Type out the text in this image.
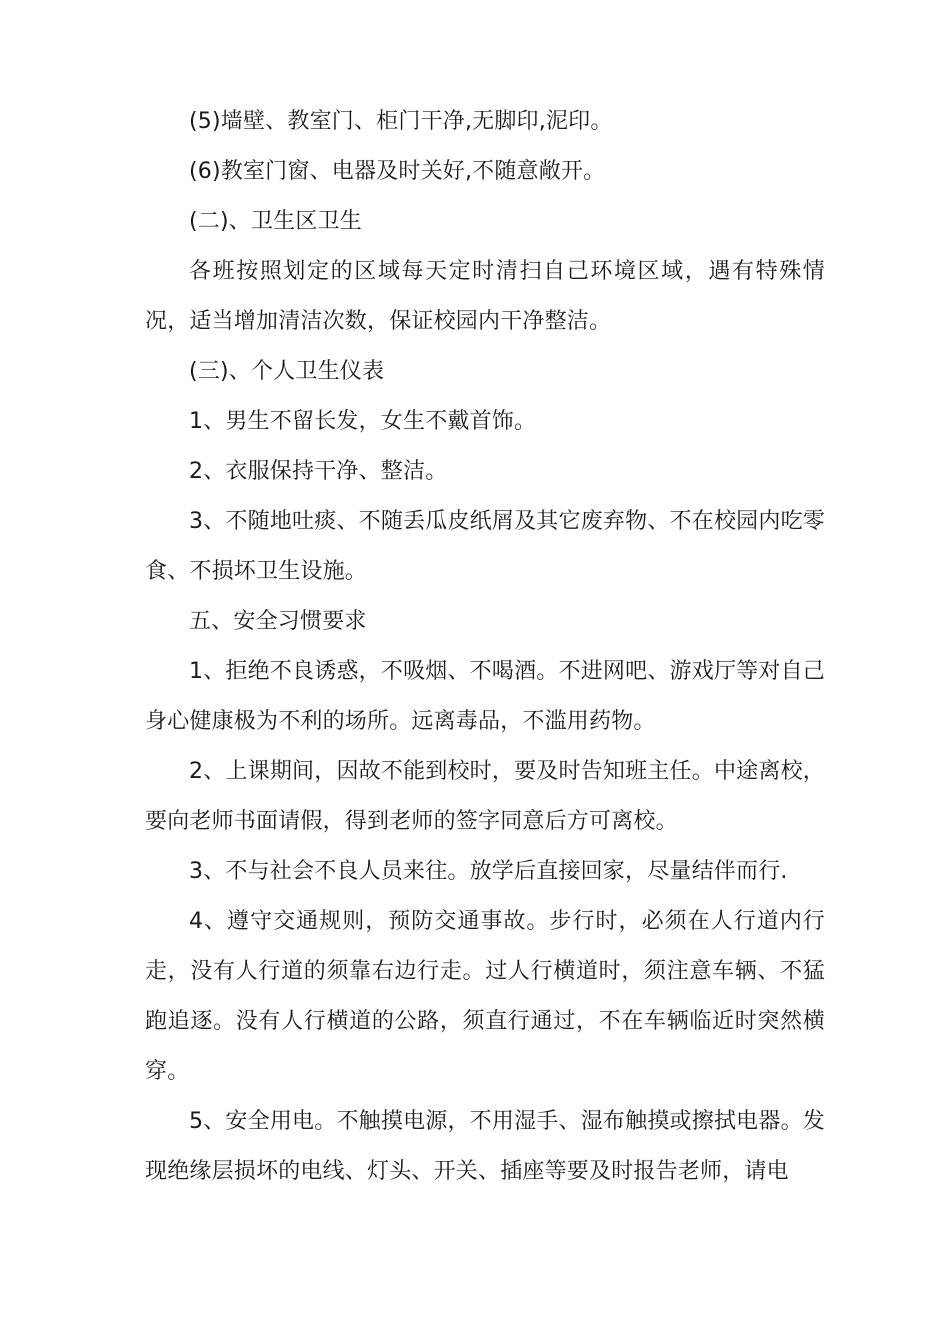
(5)墙壁、教室门、柜门干净,无脚印,泥印。

(6)教室门窗、电器及时关好,不随意敞开。

(二)、卫生区卫生

各班按照划定的区域每天定时清扫自己环境区域，遇有特殊情况，适当增加清洁次数，保证校园内干净整洁。

(三)、个人卫生仪表

1、男生不留长发，女生不戴首饰。

2、衣服保持干净、整洁。

3、不随地吐痰、不随丢瓜皮纸屑及其它废弃物、不在校园内吃零食、不损坏卫生设施。

五、安全习惯要求

1、拒绝不良诱惑，不吸烟、不喝酒。不进网吧、游戏厅等对自己身心健康极为不利的场所。远离毒品，不滥用药物。

2、上课期间，因故不能到校时，要及时告知班主任。中途离校，要向老师书面请假，得到老师的签字同意后方可离校。

3、不与社会不良人员来往。放学后直接回家，尽量结伴而行.

4、遵守交通规则，预防交通事故。步行时，必须在人行道内行走，没有人行道的须靠右边行走。过人行横道时，须注意车辆、不猛跑追逐。没有人行横道的公路，须直行通过，不在车辆临近时突然横穿。

5、安全用电。不触摸电源，不用湿手、湿布触摸或擦拭电器。发现绝缘层损坏的电线、灯头、开关、插座等要及时报告老师，请电
